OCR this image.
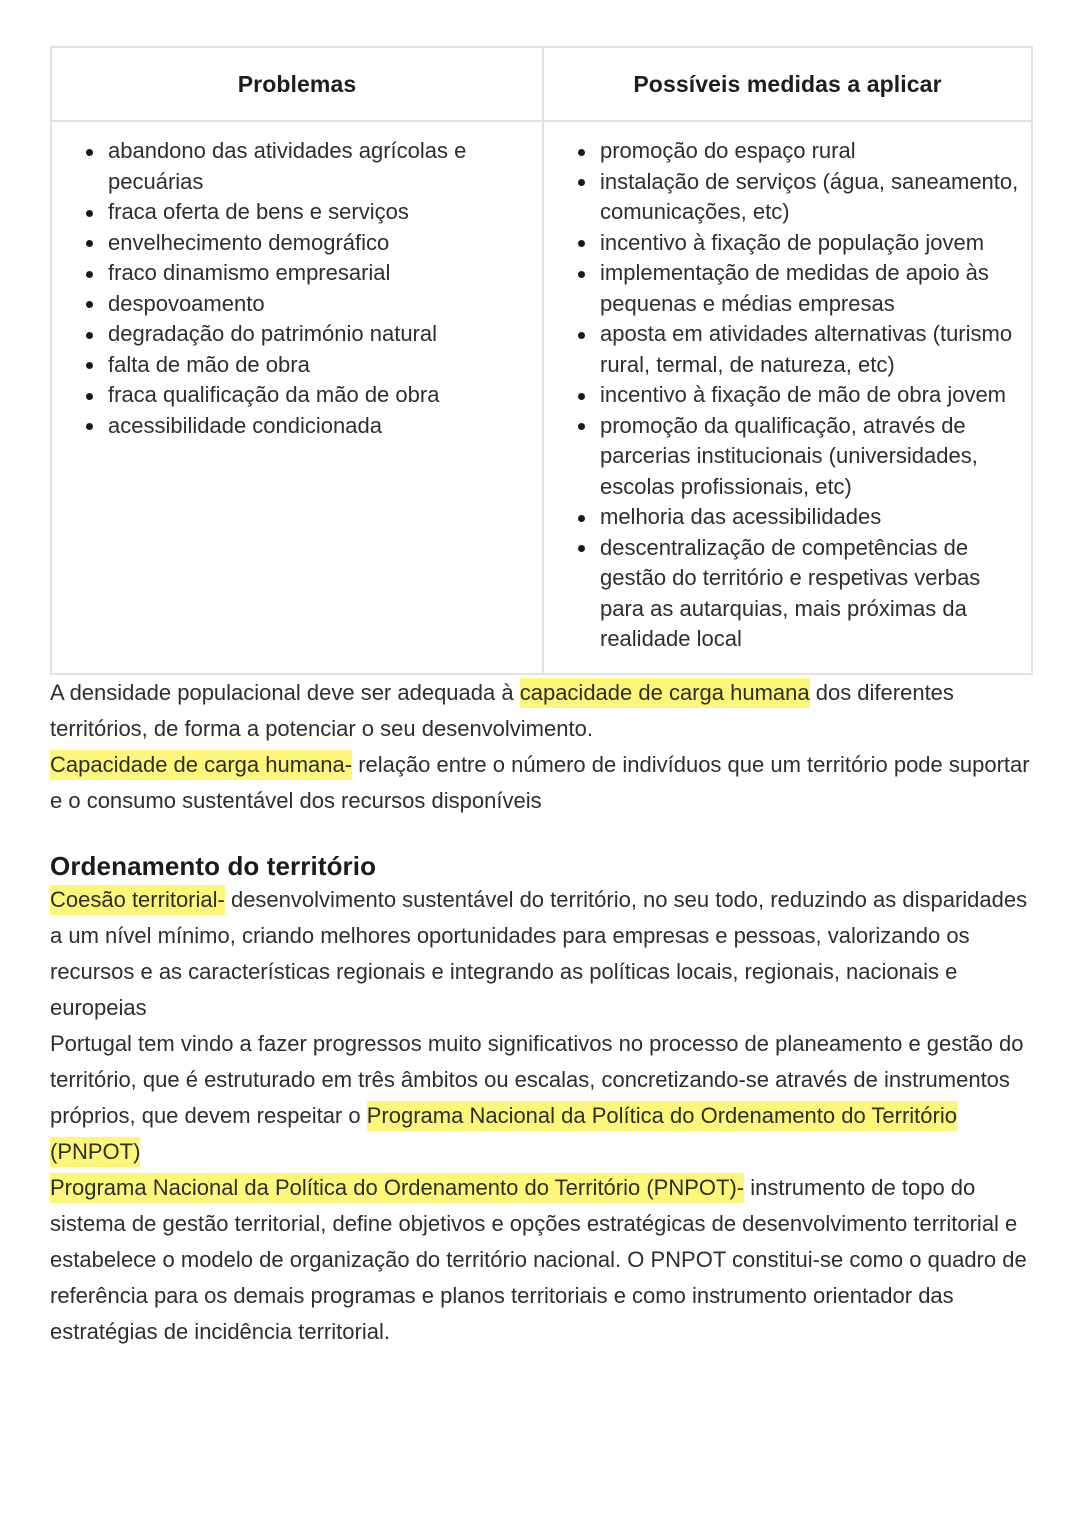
Problemas	Possíveis medidas a aplicar

abandono das atividades agrícolas e pecuárias
fraca oferta de bens e serviços
envelhecimento demográfico
fraco dinamismo empresarial
despovoamento
degradação do património natural
falta de mão de obra
fraca qualificação da mão de obra
acessibilidade condicionada

promoção do espaço rural
instalação de serviços (água, saneamento, comunicações, etc)
incentivo à fixação de população jovem
implementação de medidas de apoio às pequenas e médias empresas
aposta em atividades alternativas (turismo rural, termal, de natureza, etc)
incentivo à fixação de mão de obra jovem
promoção da qualificação, através de parcerias institucionais (universidades, escolas profissionais, etc)
melhoria das acessibilidades
descentralização de competências de gestão do território e respetivas verbas para as autarquias, mais próximas da realidade local

A densidade populacional deve ser adequada à capacidade de carga humana dos diferentes territórios, de forma a potenciar o seu desenvolvimento.

Capacidade de carga humana- relação entre o número de indivíduos que um território pode suportar e o consumo sustentável dos recursos disponíveis

Ordenamento do território

Coesão territorial- desenvolvimento sustentável do território, no seu todo, reduzindo as disparidades a um nível mínimo, criando melhores oportunidades para empresas e pessoas, valorizando os recursos e as características regionais e integrando as políticas locais, regionais, nacionais e europeias

Portugal tem vindo a fazer progressos muito significativos no processo de planeamento e gestão do território, que é estruturado em três âmbitos ou escalas, concretizando-se através de instrumentos próprios, que devem respeitar o Programa Nacional da Política do Ordenamento do Território (PNPOT)

Programa Nacional da Política do Ordenamento do Território (PNPOT)- instrumento de topo do sistema de gestão territorial, define objetivos e opções estratégicas de desenvolvimento territorial e estabelece o modelo de organização do território nacional. O PNPOT constitui-se como o quadro de referência para os demais programas e planos territoriais e como instrumento orientador das estratégias de incidência territorial.
